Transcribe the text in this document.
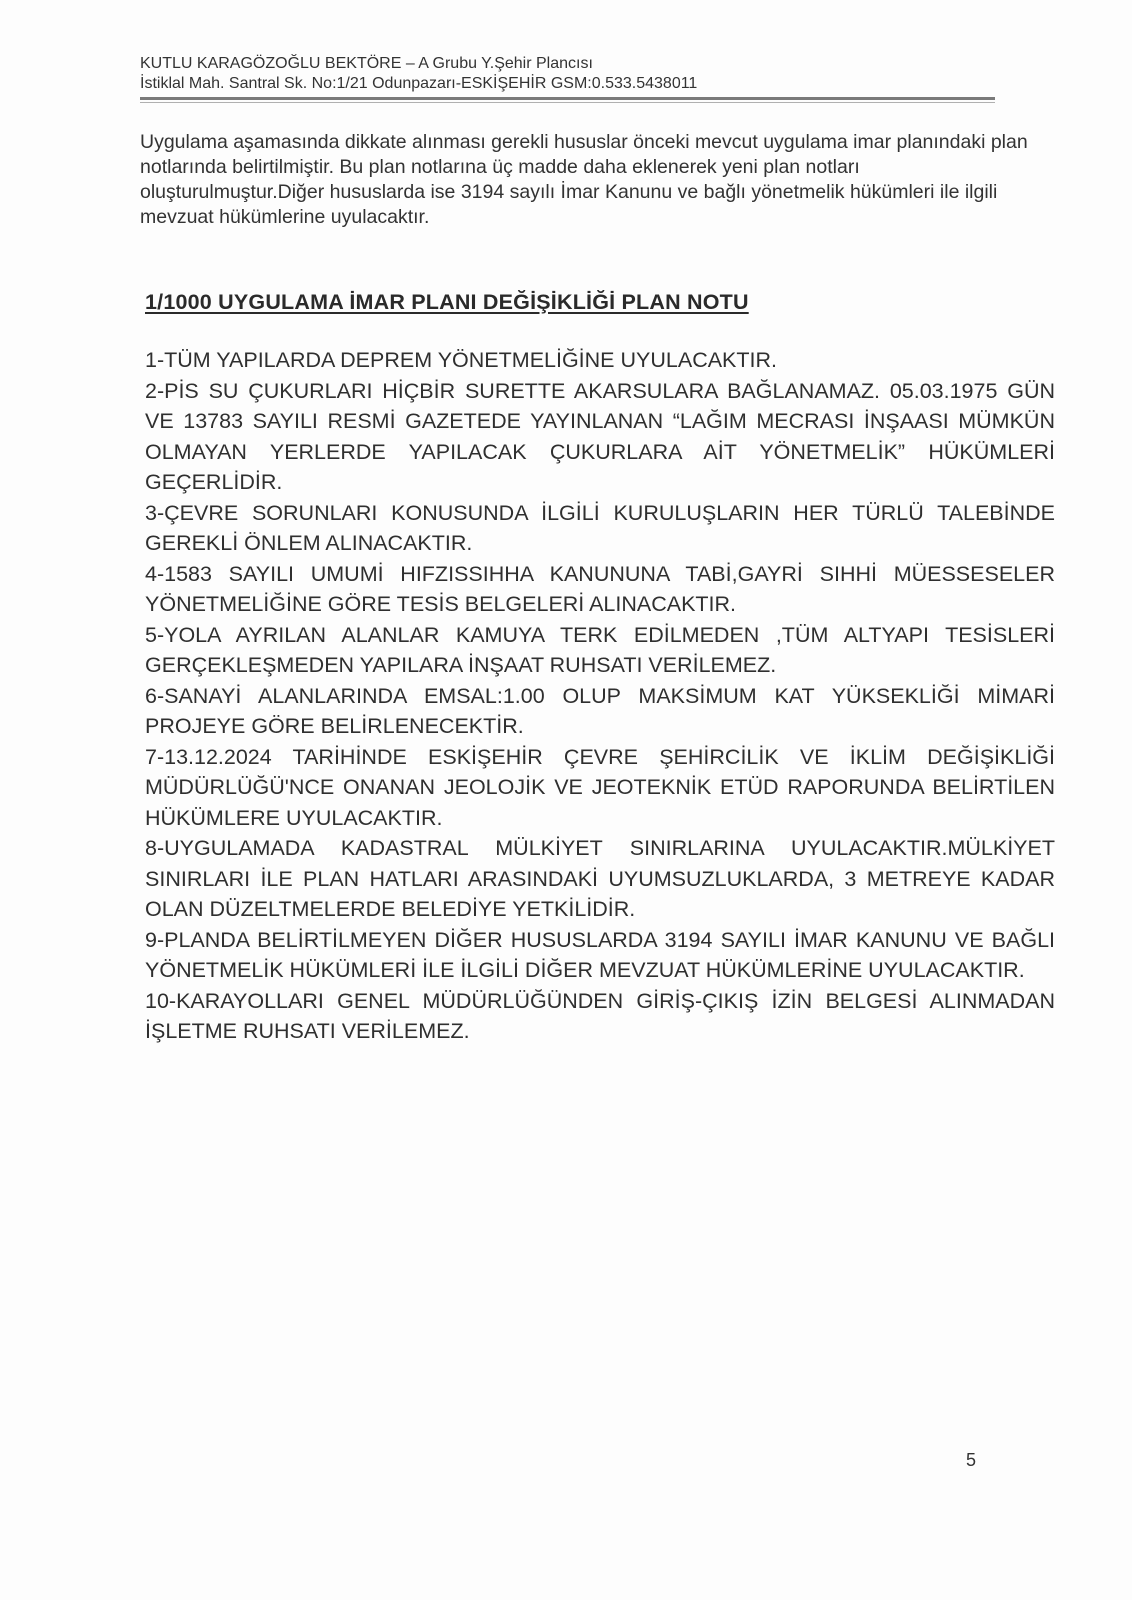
KUTLU KARAGÖZOĞLU BEKTÖRE – A Grubu Y.Şehir Plancısı
İstiklal Mah. Santral Sk. No:1/21 Odunpazarı-ESKİŞEHİR GSM:0.533.5438011

Uygulama aşamasında dikkate alınması gerekli hususlar önceki mevcut uygulama imar planındaki plan notlarında belirtilmiştir. Bu plan notlarına üç madde daha eklenerek yeni plan notları oluşturulmuştur.Diğer hususlarda ise 3194 sayılı İmar Kanunu ve bağlı yönetmelik hükümleri ile ilgili mevzuat hükümlerine uyulacaktır.

1/1000 UYGULAMA İMAR PLANI DEĞİŞİKLİĞİ PLAN NOTU

1-TÜM YAPILARDA DEPREM YÖNETMELİĞİNE UYULACAKTIR.

2-PİS SU ÇUKURLARI HİÇBİR SURETTE AKARSULARA BAĞLANAMAZ. 05.03.1975 GÜN VE 13783 SAYILI RESMİ GAZETEDE YAYINLANAN “LAĞIM MECRASI İNŞAASI MÜMKÜN OLMAYAN YERLERDE YAPILACAK ÇUKURLARA AİT YÖNETMELİK” HÜKÜMLERİ GEÇERLİDİR.

3-ÇEVRE SORUNLARI KONUSUNDA İLGİLİ KURULUŞLARIN HER TÜRLÜ TALEBİNDE GEREKLİ ÖNLEM ALINACAKTIR.

4-1583 SAYILI UMUMİ HIFZISSIHHA KANUNUNA TABİ,GAYRİ SIHHİ MÜESSESELER YÖNETMELİĞİNE GÖRE TESİS BELGELERİ ALINACAKTIR.

5-YOLA AYRILAN ALANLAR KAMUYA TERK EDİLMEDEN ,TÜM ALTYAPI TESİSLERİ GERÇEKLEŞMEDEN YAPILARA İNŞAAT RUHSATI VERİLEMEZ.

6-SANAYİ ALANLARINDA EMSAL:1.00 OLUP MAKSİMUM KAT YÜKSEKLİĞİ MİMARİ PROJEYE GÖRE BELİRLENECEKTİR.

7-13.12.2024 TARİHİNDE ESKİŞEHİR ÇEVRE ŞEHİRCİLİK VE İKLİM DEĞİŞİKLİĞİ MÜDÜRLÜĞÜ'NCE ONANAN JEOLOJİK VE JEOTEKNİK ETÜD RAPORUNDA BELİRTİLEN HÜKÜMLERE UYULACAKTIR.

8-UYGULAMADA KADASTRAL MÜLKİYET SINIRLARINA UYULACAKTIR.MÜLKİYET SINIRLARI İLE PLAN HATLARI ARASINDAKİ UYUMSUZLUKLARDA, 3 METREYE KADAR OLAN DÜZELTMELERDE BELEDİYE YETKİLİDİR.

9-PLANDA BELİRTİLMEYEN DİĞER HUSUSLARDA 3194 SAYILI İMAR KANUNU VE BAĞLI YÖNETMELİK HÜKÜMLERİ İLE İLGİLİ DİĞER MEVZUAT HÜKÜMLERİNE UYULACAKTIR.

10-KARAYOLLARI GENEL MÜDÜRLÜĞÜNDEN GİRİŞ-ÇIKIŞ İZİN BELGESİ ALINMADAN İŞLETME RUHSATI VERİLEMEZ.

5
